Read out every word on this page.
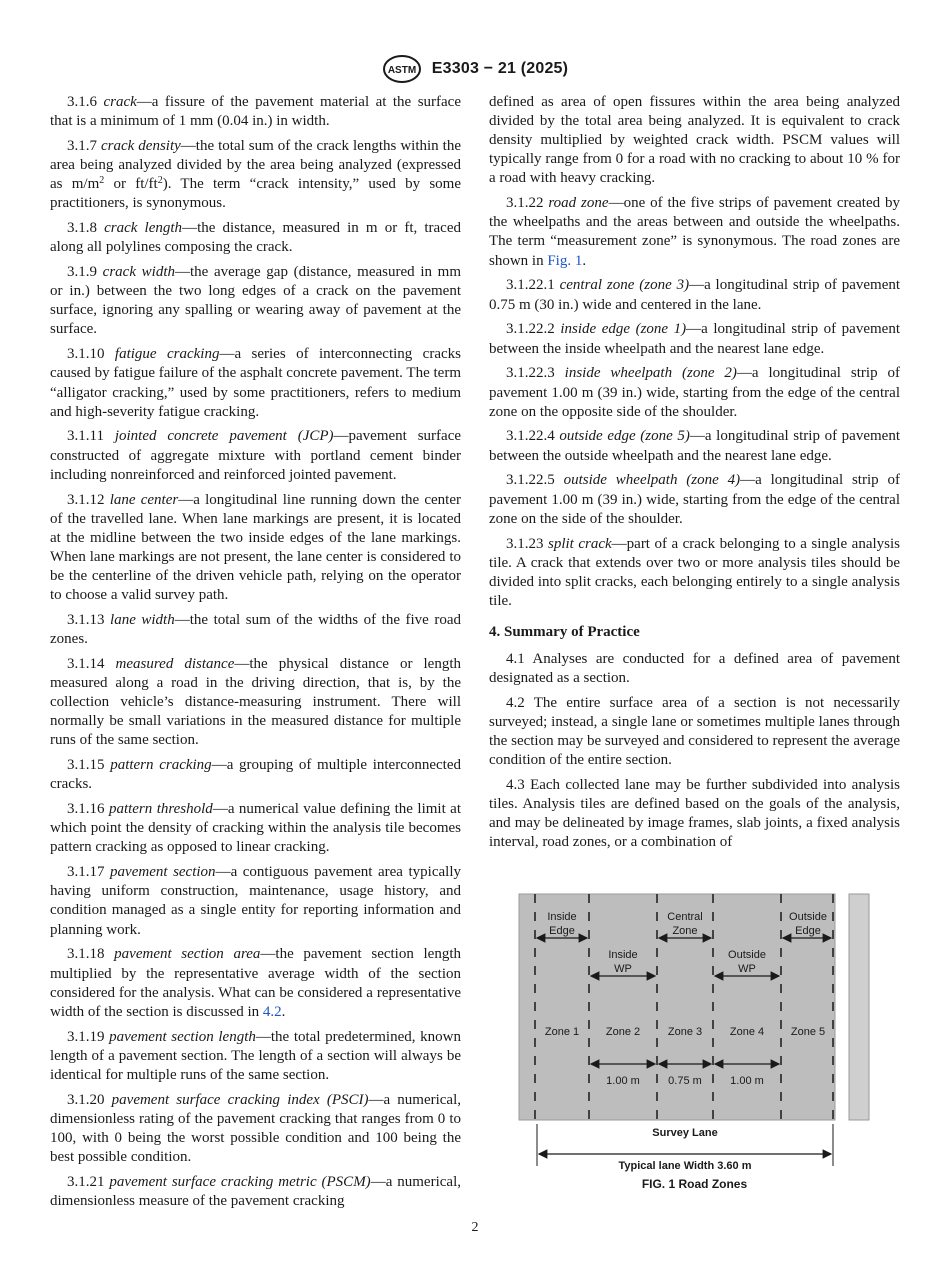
ASTM E3303 − 21 (2025)

3.1.6 crack—a fissure of the pavement material at the surface that is a minimum of 1 mm (0.04 in.) in width.

3.1.7 crack density—the total sum of the crack lengths within the area being analyzed divided by the area being analyzed (expressed as $m/m^2$ or $ft/ft^2$). The term “crack intensity,” used by some practitioners, is synonymous.

3.1.8 crack length—the distance, measured in m or ft, traced along all polylines composing the crack.

3.1.9 crack width—the average gap (distance, measured in mm or in.) between the two long edges of a crack on the pavement surface, ignoring any spalling or wearing away of pavement at the surface.

3.1.10 fatigue cracking—a series of interconnecting cracks caused by fatigue failure of the asphalt concrete pavement. The term “alligator cracking,” used by some practitioners, refers to medium and high-severity fatigue cracking.

3.1.11 jointed concrete pavement (JCP)—pavement surface constructed of aggregate mixture with portland cement binder including nonreinforced and reinforced jointed pavement.

3.1.12 lane center—a longitudinal line running down the center of the travelled lane. When lane markings are present, it is located at the midline between the two inside edges of the lane markings. When lane markings are not present, the lane center is considered to be the centerline of the driven vehicle path, relying on the operator to choose a valid survey path.

3.1.13 lane width—the total sum of the widths of the five road zones.

3.1.14 measured distance—the physical distance or length measured along a road in the driving direction, that is, by the collection vehicle’s distance-measuring instrument. There will normally be small variations in the measured distance for multiple runs of the same section.

3.1.15 pattern cracking—a grouping of multiple interconnected cracks.

3.1.16 pattern threshold—a numerical value defining the limit at which point the density of cracking within the analysis tile becomes pattern cracking as opposed to linear cracking.

3.1.17 pavement section—a contiguous pavement area typically having uniform construction, maintenance, usage history, and condition managed as a single entity for reporting information and planning work.

3.1.18 pavement section area—the pavement section length multiplied by the representative average width of the section considered for the analysis. What can be considered a representative width of the section is discussed in 4.2.

3.1.19 pavement section length—the total predetermined, known length of a pavement section. The length of a section will always be identical for multiple runs of the same section.

3.1.20 pavement surface cracking index (PSCI)—a numerical, dimensionless rating of the pavement cracking that ranges from 0 to 100, with 0 being the worst possible condition and 100 being the best possible condition.

3.1.21 pavement surface cracking metric (PSCM)—a numerical, dimensionless measure of the pavement cracking

defined as area of open fissures within the area being analyzed divided by the total area being analyzed. It is equivalent to crack density multiplied by weighted crack width. PSCM values will typically range from 0 for a road with no cracking to about 10 % for a road with heavy cracking.

3.1.22 road zone—one of the five strips of pavement created by the wheelpaths and the areas between and outside the wheelpaths. The term “measurement zone” is synonymous. The road zones are shown in Fig. 1.

3.1.22.1 central zone (zone 3)—a longitudinal strip of pavement 0.75 m (30 in.) wide and centered in the lane.

3.1.22.2 inside edge (zone 1)—a longitudinal strip of pavement between the inside wheelpath and the nearest lane edge.

3.1.22.3 inside wheelpath (zone 2)—a longitudinal strip of pavement 1.00 m (39 in.) wide, starting from the edge of the central zone on the opposite side of the shoulder.

3.1.22.4 outside edge (zone 5)—a longitudinal strip of pavement between the outside wheelpath and the nearest lane edge.

3.1.22.5 outside wheelpath (zone 4)—a longitudinal strip of pavement 1.00 m (39 in.) wide, starting from the edge of the central zone on the side of the shoulder.

3.1.23 split crack—part of a crack belonging to a single analysis tile. A crack that extends over two or more analysis tiles should be divided into split cracks, each belonging entirely to a single analysis tile.

4. Summary of Practice

4.1 Analyses are conducted for a defined area of pavement designated as a section.

4.2 The entire surface area of a section is not necessarily surveyed; instead, a single lane or sometimes multiple lanes through the section may be surveyed and considered to represent the average condition of the entire section.

4.3 Each collected lane may be further subdivided into analysis tiles. Analysis tiles are defined based on the goals of the analysis, and may be delineated by image frames, slab joints, a fixed analysis interval, road zones, or a combination of

Inside
Edge
Central
Zone
Outside
Edge
Inside
WP
Outside
WP
Zone 1 Zone 2	Zone 3	Zone 4 Zone 5
1.00 m	0.75 m	1.00 m
Survey Lane
Typical lane Width 3.60 m
FIG. 1 Road Zones
2
